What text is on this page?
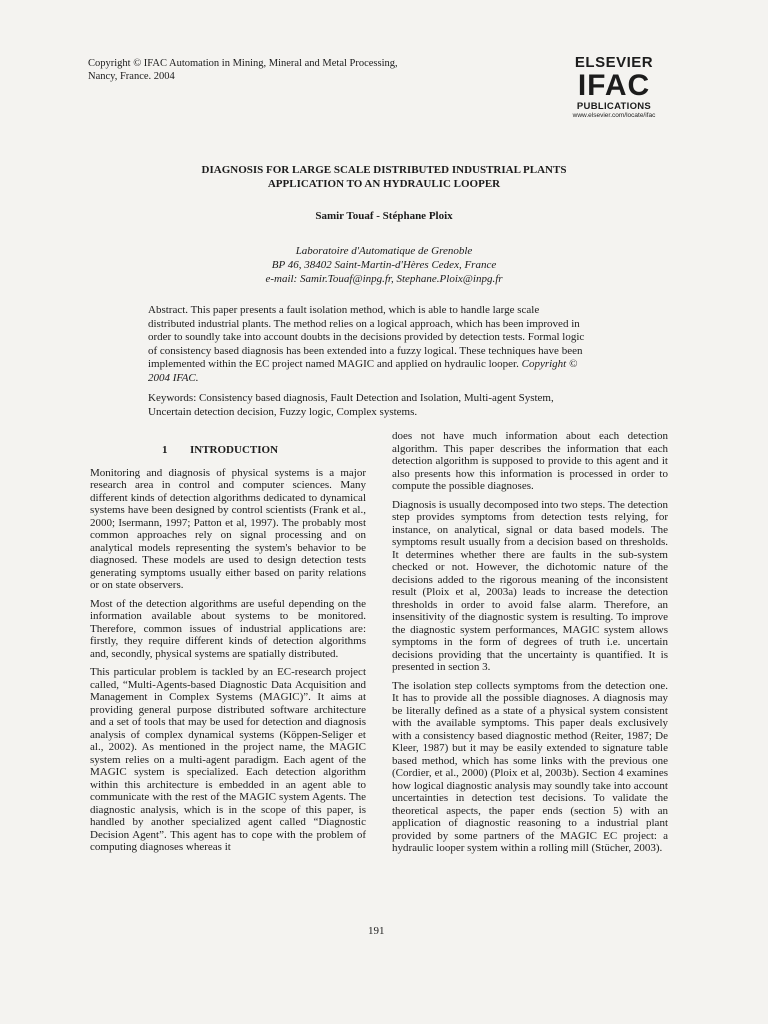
Copyright © IFAC Automation in Mining, Mineral and Metal Processing,
Nancy, France. 2004
ELSEVIER
IFAC
PUBLICATIONS
www.elsevier.com/locate/ifac
DIAGNOSIS FOR LARGE SCALE DISTRIBUTED INDUSTRIAL PLANTS
APPLICATION TO AN HYDRAULIC LOOPER
Samir Touaf - Stéphane Ploix
Laboratoire d'Automatique de Grenoble
BP 46, 38402 Saint-Martin-d'Hères Cedex, France
e-mail: Samir.Touaf@inpg.fr, Stephane.Ploix@inpg.fr
Abstract. This paper presents a fault isolation method, which is able to handle large scale distributed industrial plants. The method relies on a logical approach, which has been improved in order to soundly take into account doubts in the decisions provided by detection tests. Formal logic of consistency based diagnosis has been extended into a fuzzy logical. These techniques have been implemented within the EC project named MAGIC and applied on hydraulic looper. Copyright © 2004 IFAC.
Keywords: Consistency based diagnosis, Fault Detection and Isolation, Multi-agent System, Uncertain detection decision, Fuzzy logic, Complex systems.
1 INTRODUCTION

Monitoring and diagnosis of physical systems is a major research area in control and computer sciences. Many different kinds of detection algorithms dedicated to dynamical systems have been designed by control scientists (Frank et al., 2000; Isermann, 1997; Patton et al, 1997). The probably most common approaches rely on signal processing and on analytical models representing the system's behavior to be diagnosed. These models are used to design detection tests generating symptoms usually either based on parity relations or on state observers.

Most of the detection algorithms are useful depending on the information available about systems to be monitored. Therefore, common issues of industrial applications are: firstly, they require different kinds of detection algorithms and, secondly, physical systems are spatially distributed.

This particular problem is tackled by an EC-research project called, “Multi-Agents-based Diagnostic Data Acquisition and Management in Complex Systems (MAGIC)”. It aims at providing general purpose distributed software architecture and a set of tools that may be used for detection and diagnosis analysis of complex dynamical systems (Köppen-Seliger et al., 2002). As mentioned in the project name, the MAGIC system relies on a multi-agent paradigm. Each agent of the MAGIC system is specialized. Each detection algorithm within this architecture is embedded in an agent able to communicate with the rest of the MAGIC system Agents. The diagnostic analysis, which is in the scope of this paper, is handled by another specialized agent called “Diagnostic Decision Agent”. This agent has to cope with the problem of computing diagnoses whereas it

does not have much information about each detection algorithm. This paper describes the information that each detection algorithm is supposed to provide to this agent and it also presents how this information is processed in order to compute the possible diagnoses.

Diagnosis is usually decomposed into two steps. The detection step provides symptoms from detection tests relying, for instance, on analytical, signal or data based models. The symptoms result usually from a decision based on thresholds. It determines whether there are faults in the sub-system checked or not. However, the dichotomic nature of the decisions added to the rigorous meaning of the inconsistent result (Ploix et al, 2003a) leads to increase the detection thresholds in order to avoid false alarm. Therefore, an insensitivity of the diagnostic system is resulting. To improve the diagnostic system performances, MAGIC system allows symptoms in the form of degrees of truth i.e. uncertain decisions providing that the uncertainty is quantified. It is presented in section 3.

The isolation step collects symptoms from the detection one. It has to provide all the possible diagnoses. A diagnosis may be literally defined as a state of a physical system consistent with the available symptoms. This paper deals exclusively with a consistency based diagnostic method (Reiter, 1987; De Kleer, 1987) but it may be easily extended to signature table based method, which has some links with the previous one (Cordier, et al., 2000) (Ploix et al, 2003b). Section 4 examines how logical diagnostic analysis may soundly take into account uncertainties in detection test decisions. To validate the theoretical aspects, the paper ends (section 5) with an application of diagnostic reasoning to a industrial plant provided by some partners of the MAGIC EC project: a hydraulic looper system within a rolling mill (Stücher, 2003).

191
